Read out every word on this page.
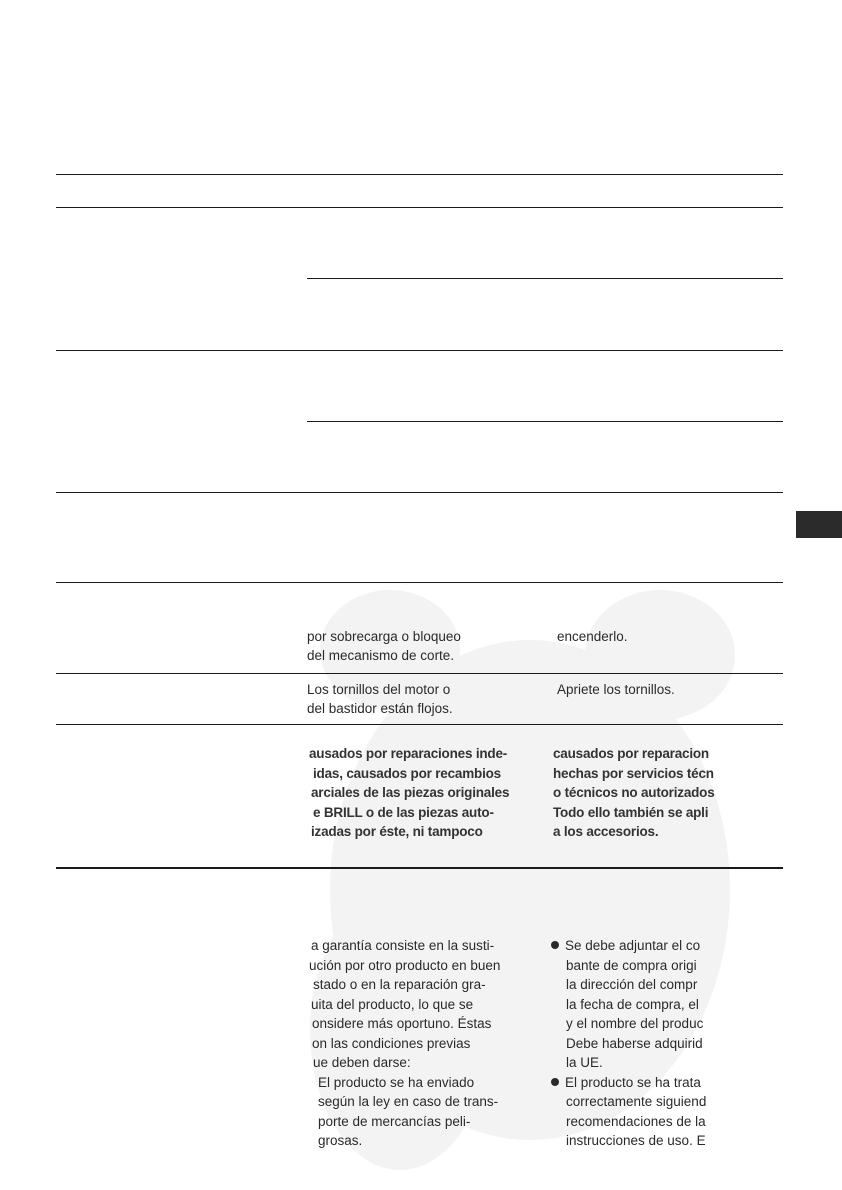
por sobrecarga o bloqueo
del mecanismo de corte.
encenderlo.
Los tornillos del motor o
del bastidor están flojos.
Apriete los tornillos.
ausados por reparaciones inde-
idas, causados por recambios
arciales de las piezas originales
e BRILL o de las piezas auto-
izadas por éste, ni tampoco
causados por reparacion
hechas por servicios técn
o técnicos no autorizados
Todo ello también se apli
a los accesorios.
a garantía consiste en la susti-
ución por otro producto en buen
stado o en la reparación gra-
uita del producto, lo que se
onsidere más oportuno. Éstas
on las condiciones previas
ue deben darse:
El producto se ha enviado
según la ley en caso de trans-
porte de mercancías peli-
grosas.
Se debe adjuntar el co
bante de compra origi
la dirección del compr
la fecha de compra, el
y el nombre del produc
Debe haberse adquirid
la UE.
El producto se ha trata
correctamente siguiend
recomendaciones de la
instrucciones de uso. E
